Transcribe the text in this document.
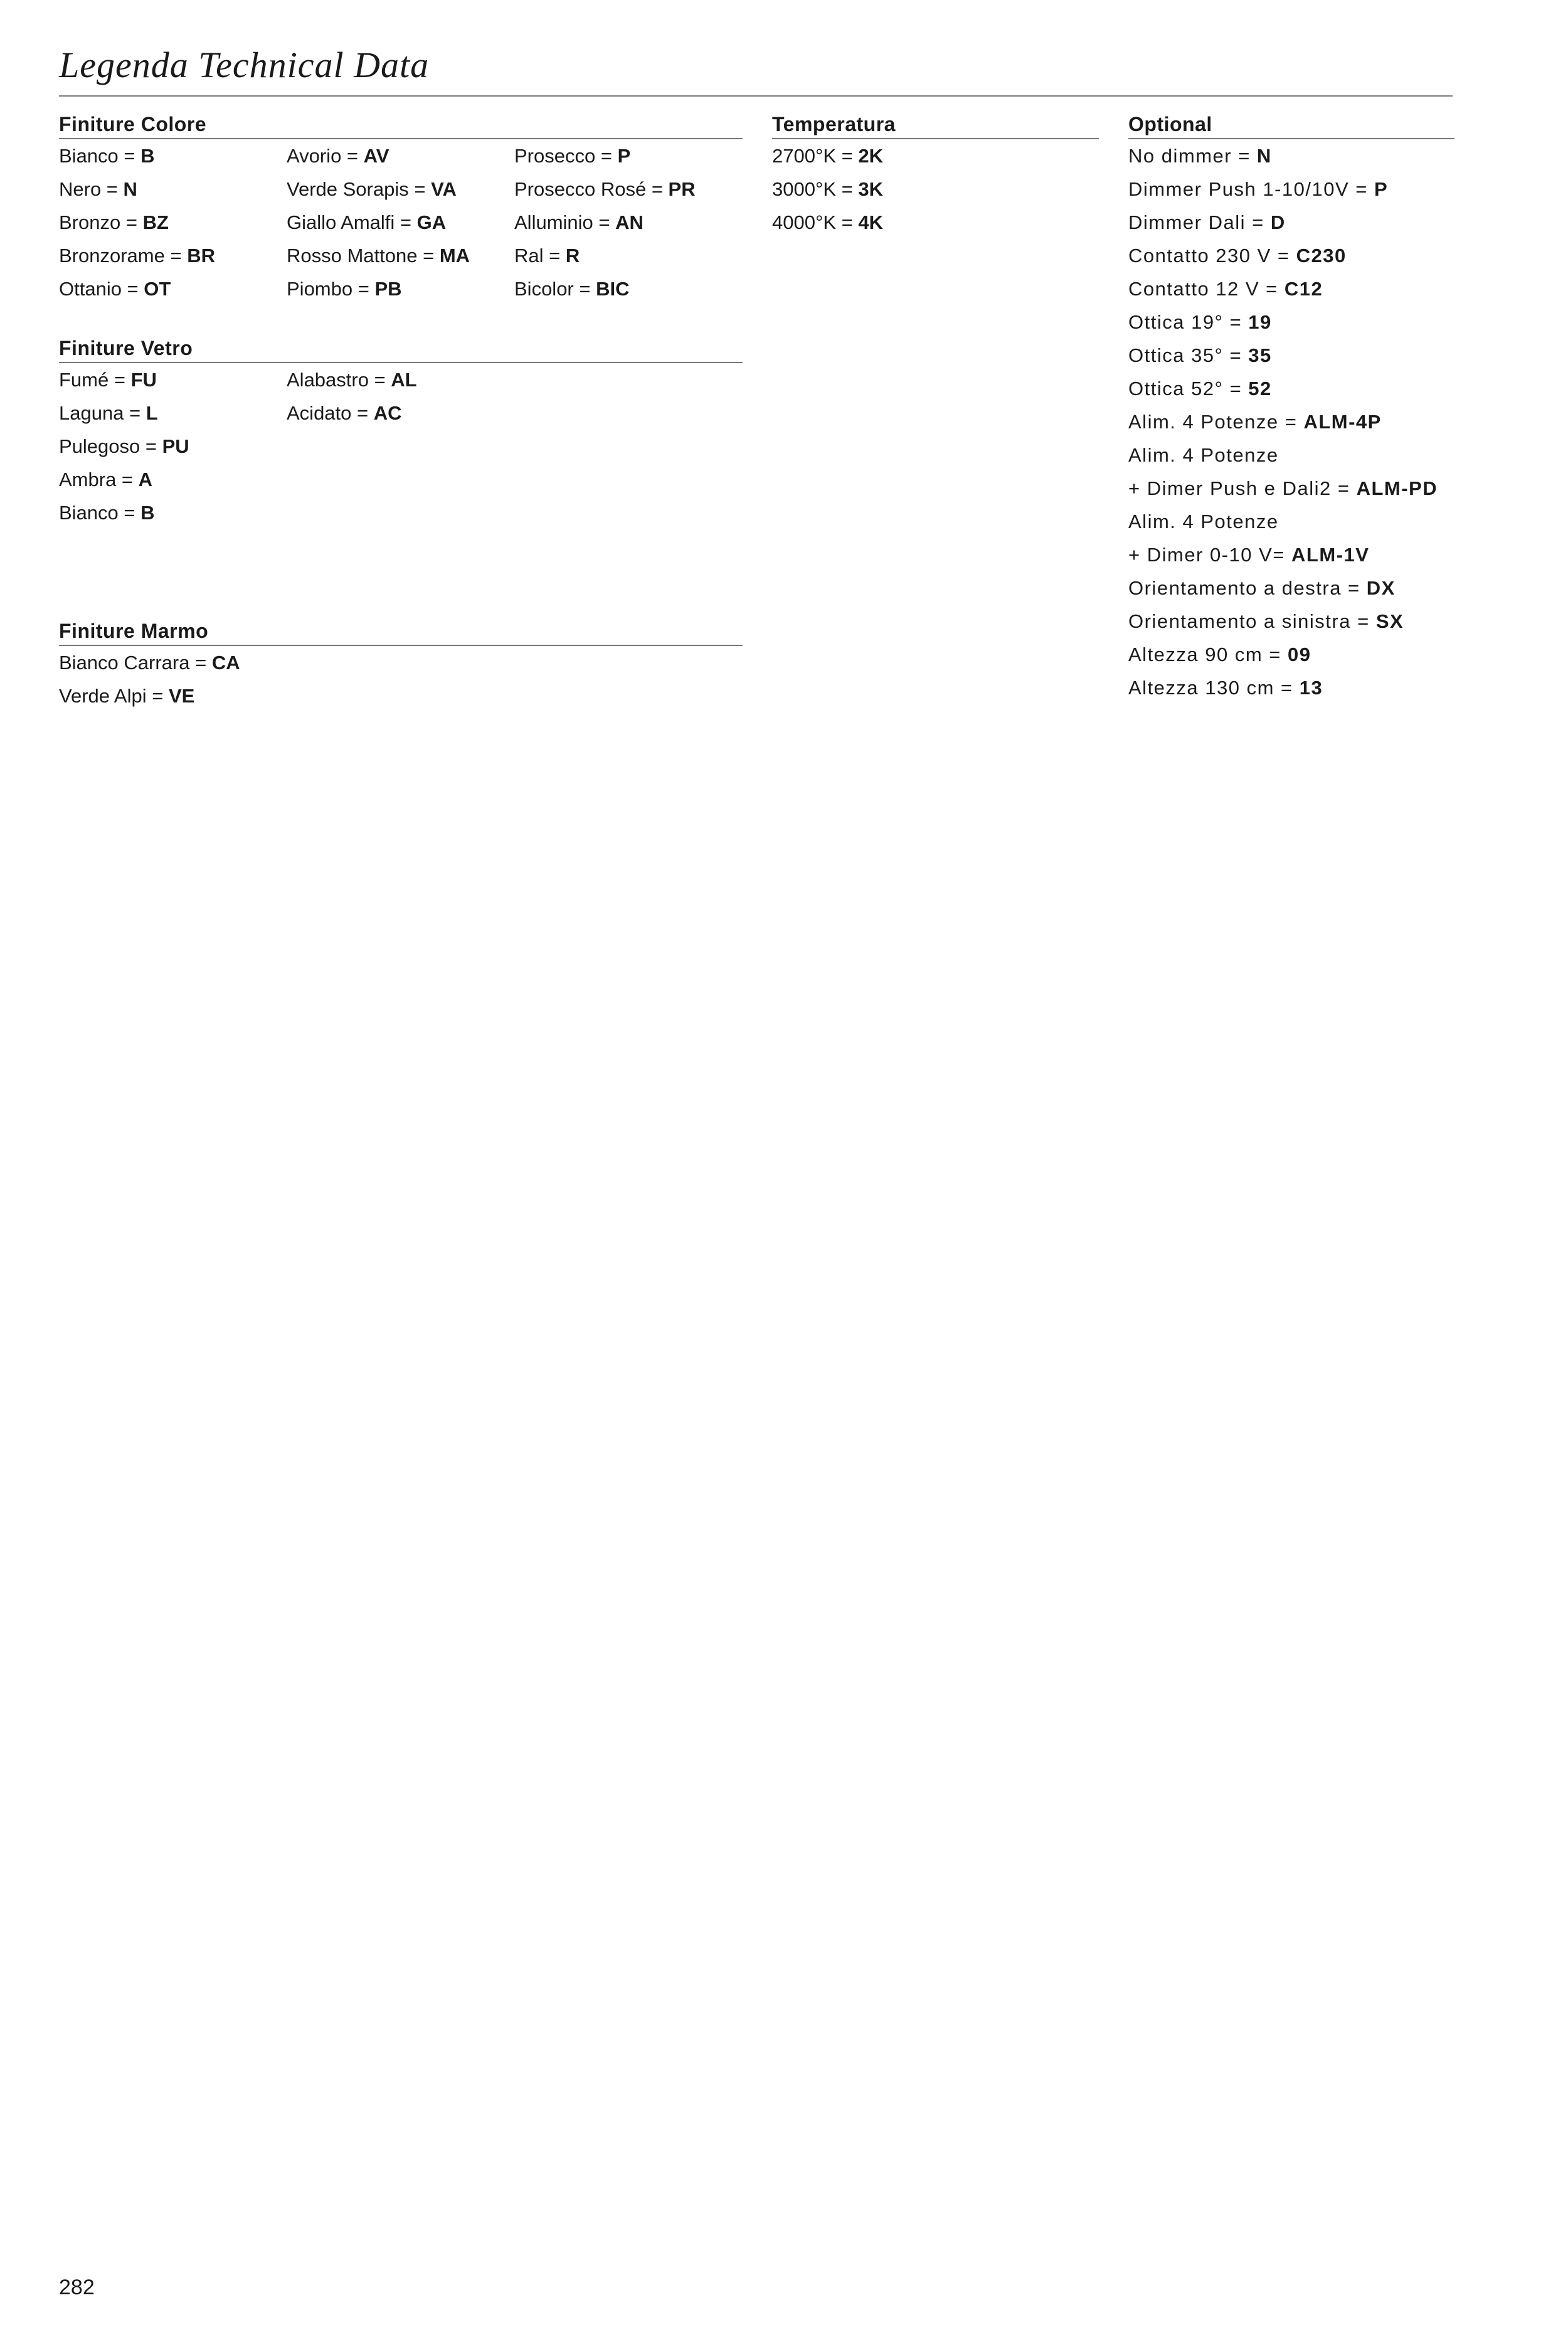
Legenda Technical Data
Finiture Colore
Bianco = B
Nero = N
Bronzo = BZ
Bronzorame = BR
Ottanio = OT
Avorio = AV
Verde Sorapis = VA
Giallo Amalfi = GA
Rosso Mattone = MA
Piombo = PB
Prosecco = P
Prosecco Rosé = PR
Alluminio = AN
Ral = R
Bicolor = BIC
Finiture Vetro
Fumé = FU
Laguna = L
Pulegoso = PU
Ambra = A
Bianco = B
Alabastro = AL
Acidato = AC
Finiture Marmo
Bianco Carrara = CA
Verde Alpi = VE
Temperatura
2700°K = 2K
3000°K = 3K
4000°K = 4K
Optional
No dimmer = N
Dimmer Push 1-10/10V = P
Dimmer Dali = D
Contatto 230 V = C230
Contatto 12 V = C12
Ottica 19° = 19
Ottica 35° = 35
Ottica 52° = 52
Alim. 4 Potenze = ALM-4P
Alim. 4 Potenze
+ Dimer Push e Dali2 = ALM-PD
Alim. 4 Potenze
+ Dimer 0-10 V= ALM-1V
Orientamento a destra = DX
Orientamento a sinistra = SX
Altezza 90 cm = 09
Altezza 130 cm = 13
282
